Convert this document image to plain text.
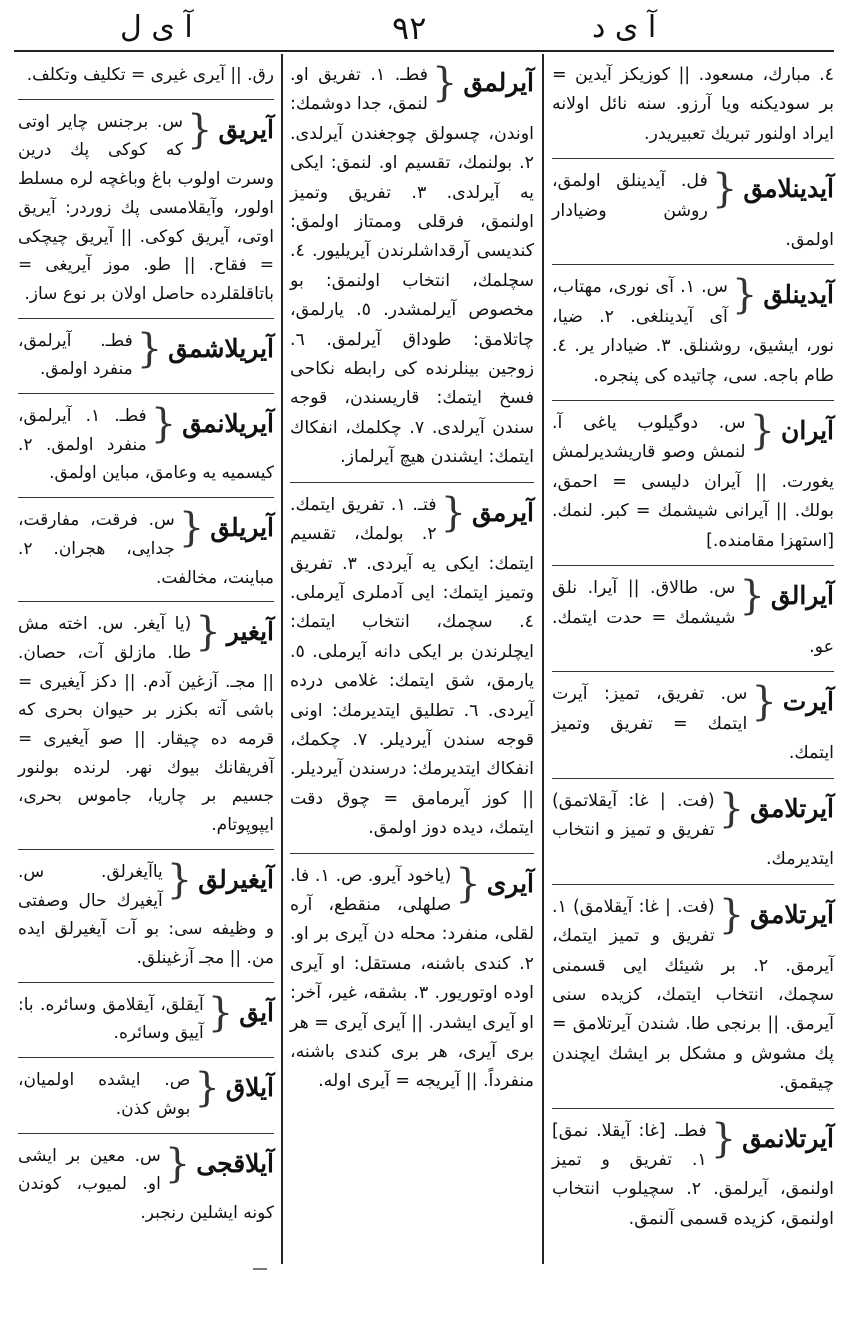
آ ی ل	۹۲	آ ی د

٤. مبارك، مسعود. || كوزيكز آيدين = بر سوديكنه ويا آرزو. سنه نائل اولانه ايراد اولنور تبريك تعبيريدر.

آيدينلامق
{
فل. آيدينلق اولمق، روشن وضيادار اولمق.

آيدينلق
{
س. ١. آى نورى، مهتاب، آى آيدينلغى. ٢. ضيا، نور، ايشيق، روشنلق. ٣. ضيادار ير. ٤. طام باجه. سى، چاتيده كى پنجره.

آيران
{
س. دوگيلوب ياغى آ. لنمش وصو قاريشديرلمش يغورت. || آيران دليسى = احمق، بولك. || آيرانى شيشمك = كبر. لنمك. [استهزا مقامنده.]

آيرالق
{
س. طالاق. || آيرا. نلق شيشمك = حدت ايتمك. عو.

آيرت
{
س. تفريق، تميز: آيرت ايتمك = تفريق وتميز ايتمك.

آيرتلامق
{
(فت. | غا: آيقلاتمق) تفريق و تميز و انتخاب ايتديرمك.

آيرتلامق
{
(فت. | غا: آيقلامق) ١. تفريق و تميز ايتمك، آيرمق. ٢. بر شيئك ايى قسمنى سچمك، انتخاب ايتمك، كزيده سنى آيرمق. || برنجى طا. شندن آيرتلامق = پك مشوش و مشكل بر ايشك ايچندن چيقمق.

آيرتلانمق
{
فطـ. [غا: آيقلا. نمق] ١. تفريق و تميز اولنمق، آيرلمق. ٢. سچيلوب انتخاب اولنمق، كزيده قسمى آلنمق.

آيرلمق
{
فطـ. ١. تفريق او. لنمق، جدا دوشمك: اوندن، چسولق چوجغندن آيرلدى. ٢. بولنمك، تقسيم او. لنمق: ايكى يه آيرلدى. ٣. تفريق وتميز اولنمق، فرقلى وممتاز اولمق: كنديسى آرقداشلرندن آيريليور. ٤. سچلمك، انتخاب اولنمق: بو مخصوص آيرلمشدر. ٥. يارلمق، چاتلامق: طوداق آيرلمق. ٦. زوجين بينلرنده كى رابطه نكاحى فسخ ايتمك: قاريسندن، قوجه سندن آيرلدى. ٧. چكلمك، انفكاك ايتمك: ايشندن هيچ آيرلماز.

آيرمق
{
فتـ. ١. تفريق ايتمك. ٢. بولمك، تقسيم ايتمك: ايكى يه آيردى. ٣. تفريق وتميز ايتمك: ايى آدملرى آيرملى. ٤. سچمك، انتخاب ايتمك: ايچلرندن بر ايكى دانه آيرملى. ٥. يارمق، شق ايتمك: غلامى درده آيردى. ٦. تطليق ايتديرمك: اونى قوجه سندن آيرديلر. ٧. چكمك، انفكاك ايتديرمك: درسندن آيرديلر. || كوز آيرمامق = چوق دقت ايتمك، ديده دوز اولمق.

آيرى
{
(ياخود آيرو. ص. ١. فا. صلهلى، منقطع، آره لقلى، منفرد: محله دن آيرى بر او. ٢. كندى باشنه، مستقل: او آيرى اوده اوتوريور. ٣. بشقه، غير، آخر: او آيرى ايشدر. || آيرى آيرى = هر برى آيرى، هر برى كندى باشنه، منفرداً. || آيريجه = آيرى اوله.

رق. || آيرى غيرى = تكليف وتكلف.

آيريق
{
س. برجنس چاير اوتى كه كوكى پك درين وسرت اولوب باغ وباغچه لره مسلط اولور، وآيقلامسى پك زوردر: آيريق اوتى، آيريق كوكى. || آيريق چيچكى = فقاح. || طو. موز آيريغى = باتاقلقلرده حاصل اولان بر نوع ساز.

آيريلاشمق
{
فطـ. آيرلمق، منفرد اولمق.

آيريلانمق
{
فطـ. ١. آيرلمق، منفرد اولمق. ٢. كيسميه يه وعامق، مباين اولمق.

آيريلق
{
س. فرقت، مفارقت، جدايى، هجران. ٢. مباينت، مخالفت.

آيغير
{
(يا آيغر. س. اخته مش طا. مازلق آت، حصان. || مجـ. آزغين آدم. || دكز آيغيرى = باشى آته بكزر بر حيوان بحرى كه قرمه ده چيقار. || صو آيغيرى = آفريقانك بيوك نهر. لرنده بولنور جسيم بر چاريا، جاموس بحرى، ايپوپوتام.

آيغيرلق
{
ياآيغرلق. س. آيغيرك حال وصفتى و وظيفه سى: بو آت آيغيرلق ايده من. || مجـ آزغينلق.

آيق
{
آيقلق، آيقلامق وسائره. با: آييق وسائره.

آيلاق
{
ص. ايشده اولميان، بوش كذن.

آيلاقجى
{
س. معين بر ايشى او. لميوب، كوندن كونه ايشلين رنجبر.
